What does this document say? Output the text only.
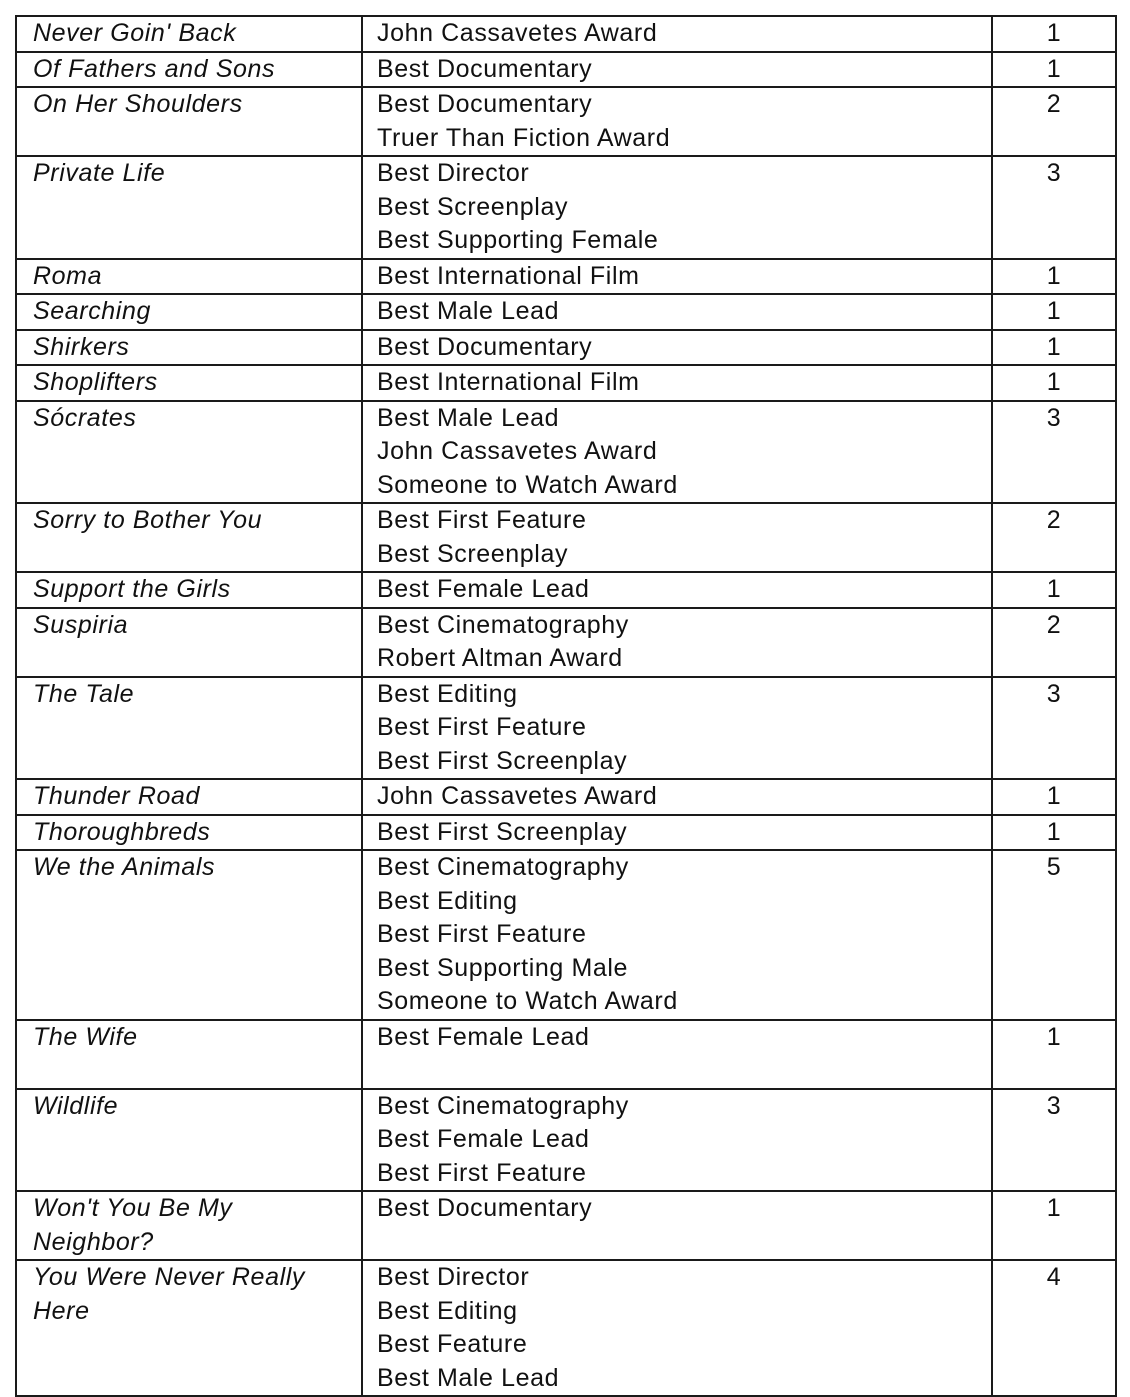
Never Goin' Back	John Cassavetes Award	1

Of Fathers and Sons	Best Documentary	1

On Her Shoulders	Best Documentary
Truer Than Fiction Award	2

Private Life	Best Director
Best Screenplay
Best Supporting Female	3

Roma	Best International Film	1

Searching	Best Male Lead	1

Shirkers	Best Documentary	1

Shoplifters	Best International Film	1

Sócrates	Best Male Lead
John Cassavetes Award
Someone to Watch Award	3

Sorry to Bother You	Best First Feature
Best Screenplay	2

Support the Girls	Best Female Lead	1

Suspiria	Best Cinematography
Robert Altman Award	2

The Tale	Best Editing
Best First Feature
Best First Screenplay	3

Thunder Road	John Cassavetes Award	1

Thoroughbreds	Best First Screenplay	1

We the Animals	Best Cinematography
Best Editing
Best First Feature
Best Supporting Male
Someone to Watch Award	5

The Wife	Best Female Lead	1

Wildlife	Best Cinematography
Best Female Lead
Best First Feature	3

Won't You Be My Neighbor?	Best Documentary	1

You Were Never Really Here	Best Director
Best Editing
Best Feature
Best Male Lead	4
